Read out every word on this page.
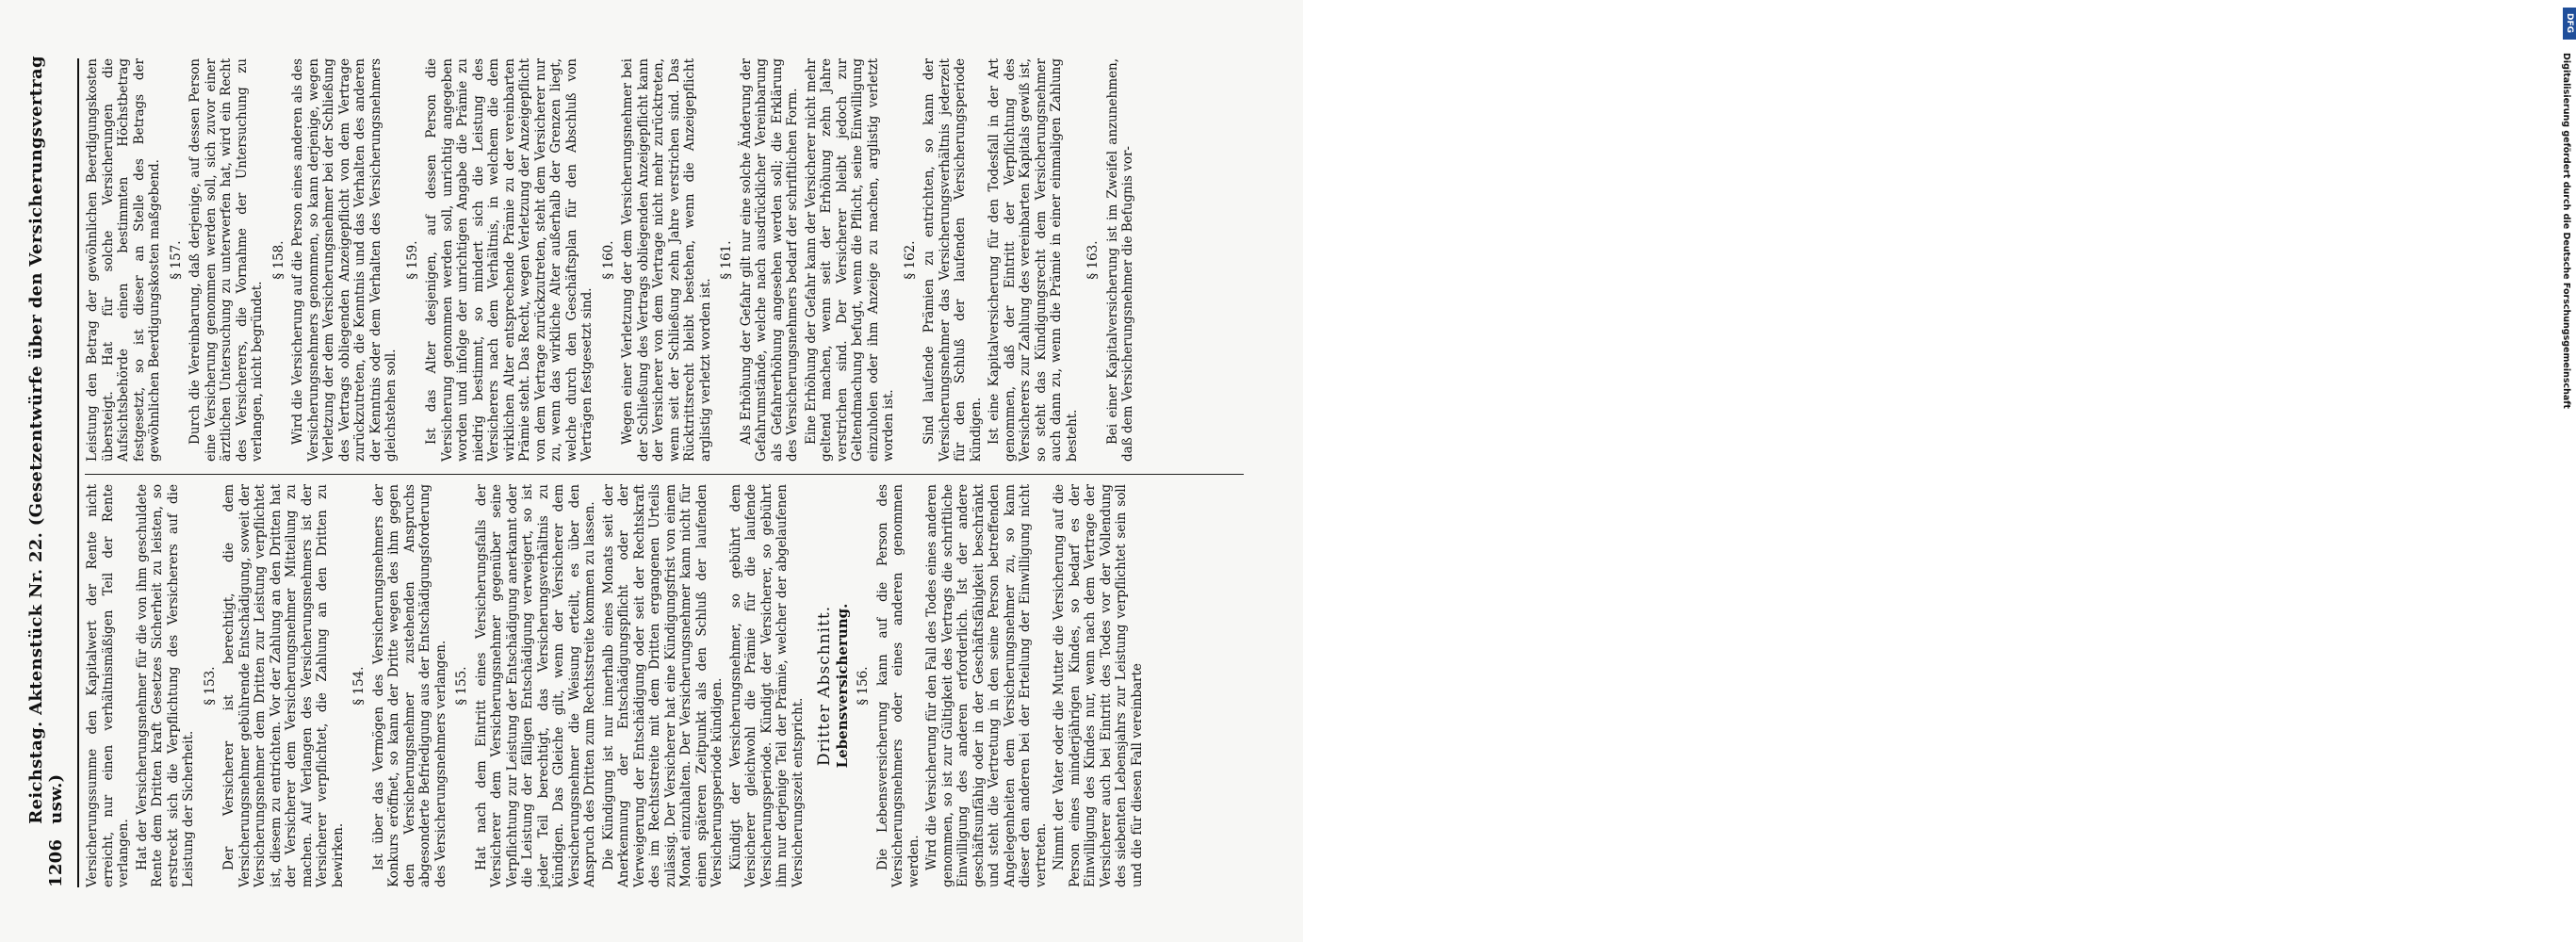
1206
Reichstag. Aktenstück Nr. 22. (Gesetzentwürfe über den Versicherungsvertrag usw.) Versicherungssumme den Kapitalwert der Rente nicht erreicht, nur einen verhältnismäßigen Teil der Rente verlangen. Hat der Versicherungsnehmer für die von ihm geschuldete Rente dem Dritten kraft Gesetzes Sicherheit zu leisten, so erstreckt sich die Verpflichtung des Versicherers auf die Leistung der Sicherheit.

§ 153. Der Versicherer ist berechtigt, die dem Versicherungsnehmer gebührende Entschädigung, soweit der Versicherungsnehmer dem Dritten zur Leistung verpflichtet ist, diesem zu entrichten. Vor der Zahlung an den Dritten hat der Versicherer dem Versicherungsnehmer Mitteilung zu machen. Auf Verlangen des Versicherungsnehmers ist der Versicherer verpflichtet, die Zahlung an den Dritten zu bewirken.

§ 154. Ist über das Vermögen des Versicherungsnehmers der Konkurs eröffnet, so kann der Dritte wegen des ihm gegen den Versicherungsnehmer zustehenden Anspruchs abgesonderte Befriedigung aus der Entschädigungsforderung des Versicherungsnehmers verlangen. § 155. Hat nach dem Eintritt eines Versicherungsfalls der Versicherer dem Versicherungsnehmer gegenüber seine Verpflichtung zur Leistung der Entschädigung anerkannt oder die Leistung der fälligen Entschädigung verweigert, so ist jeder Teil berechtigt, das Versicherungsverhältnis zu kündigen. Das Gleiche gilt, wenn der Versicherer dem Versicherungsnehmer die Weisung erteilt, es über den Anspruch des Dritten zum Rechtsstreite kommen zu lassen. Die Kündigung ist nur innerhalb eines Monats seit der Anerkennung der Entschädigungspflicht oder der Verweigerung der Entschädigung oder seit der Rechtskraft des im Rechtsstreite mit dem Dritten ergangenen Urteils zulässig. Der Versicherer hat eine Kündigungsfrist von einem Monat einzuhalten. Der Versicherungsnehmer kann nicht für einen späteren Zeitpunkt als den Schluß der laufenden Versicherungsperiode kündigen. Kündigt der Versicherungsnehmer, so gebührt dem Versicherer gleichwohl die Prämie für die laufende Versicherungsperiode. Kündigt der Versicherer, so gebührt ihm nur derjenige Teil der Prämie, welcher der abgelaufenen Versicherungszeit entspricht.

Dritter Abschnitt. Lebensversicherung. § 156. Die Lebensversicherung kann auf die Person des Versicherungsnehmers oder eines anderen genommen werden. Wird die Versicherung für den Fall des Todes eines anderen genommen, so ist zur Gültigkeit des Vertrags die schriftliche Einwilligung des anderen erforderlich. Ist der andere geschäftsunfähig oder in der Geschäftsfähigkeit beschränkt und steht die Vertretung in den seine Person betreffenden Angelegenheiten dem Versicherungsnehmer zu, so kann dieser den anderen bei der Erteilung der Einwilligung nicht vertreten. Nimmt der Vater oder die Mutter die Versicherung auf die Person eines minderjährigen Kindes, so bedarf es der Einwilligung des Kindes nur, wenn nach dem Vertrage der Versicherer auch bei Eintritt des Todes vor der Vollendung des siebenten Lebensjahrs zur Leistung verpflichtet sein soll und die für diesen Fall vereinbarte

Leistung den Betrag der gewöhnlichen Beerdigungskosten übersteigt. Hat für solche Versicherungen die Aufsichtsbehörde einen bestimmten Höchstbetrag festgesetzt, so ist dieser an Stelle des Betrags der gewöhnlichen Beerdigungskosten maßgebend. § 157. Durch die Vereinbarung, daß derjenige, auf dessen Person eine Versicherung genommen werden soll, sich zuvor einer ärztlichen Untersuchung zu unterwerfen hat, wird ein Recht des Versicherers, die Vornahme der Untersuchung zu verlangen, nicht begründet.

§ 158. Wird die Versicherung auf die Person eines anderen als des Versicherungsnehmers genommen, so kann derjenige, wegen Verletzung der dem Versicherungsnehmer bei der Schließung des Vertrags obliegenden Anzeigepflicht von dem Vertrage zurückzutreten, die Kenntnis und das Verhalten des anderen der Kenntnis oder dem Verhalten des Versicherungsnehmers gleichstehen soll.

§ 159. Ist das Alter desjenigen, auf dessen Person die Versicherung genommen werden soll, unrichtig angegeben worden und infolge der unrichtigen Angabe die Prämie zu niedrig bestimmt, so mindert sich die Leistung des Versicherers nach dem Verhältnis, in welchem die dem wirklichen Alter entsprechende Prämie zu der vereinbarten Prämie steht. Das Recht, wegen Verletzung der Anzeigepflicht von dem Vertrage zurückzutreten, steht dem Versicherer nur zu, wenn das wirkliche Alter außerhalb der Grenzen liegt, welche durch den Geschäftsplan für den Abschluß von Verträgen festgesetzt sind.

§ 160. Wegen einer Verletzung der dem Versicherungsnehmer bei der Schließung des Vertrags obliegenden Anzeigepflicht kann der Versicherer von dem Vertrage nicht mehr zurücktreten, wenn seit der Schließung zehn Jahre verstrichen sind. Das Rücktrittsrecht bleibt bestehen, wenn die Anzeigepflicht arglistig verletzt worden ist.

§ 161. Als Erhöhung der Gefahr gilt nur eine solche Änderung der Gefahrumstände, welche nach ausdrücklicher Vereinbarung als Gefahrerhöhung angesehen werden soll; die Erklärung des Versicherungsnehmers bedarf der schriftlichen Form. Eine Erhöhung der Gefahr kann der Versicherer nicht mehr geltend machen, wenn seit der Erhöhung zehn Jahre verstrichen sind. Der Versicherer bleibt jedoch zur Geltendmachung befugt, wenn die Pflicht, seine Einwilligung einzuholen oder ihm Anzeige zu machen, arglistig verletzt worden ist.

§ 162. Sind laufende Prämien zu entrichten, so kann der Versicherungsnehmer das Versicherungsverhältnis jederzeit für den Schluß der laufenden Versicherungsperiode kündigen. Ist eine Kapitalversicherung für den Todesfall in der Art genommen, daß der Eintritt der Verpflichtung des Versicherers zur Zahlung des vereinbarten Kapitals gewiß ist, so steht das Kündigungsrecht dem Versicherungsnehmer auch dann zu, wenn die Prämie in einer einmaligen Zahlung besteht.

§ 163. Bei einer Kapitalversicherung ist im Zweifel anzunehmen, daß dem Versicherungsnehmer die Befugnis vor-

DFG
Digitalisierung gefördert durch die Deutsche Forschungsgemeinschaft
